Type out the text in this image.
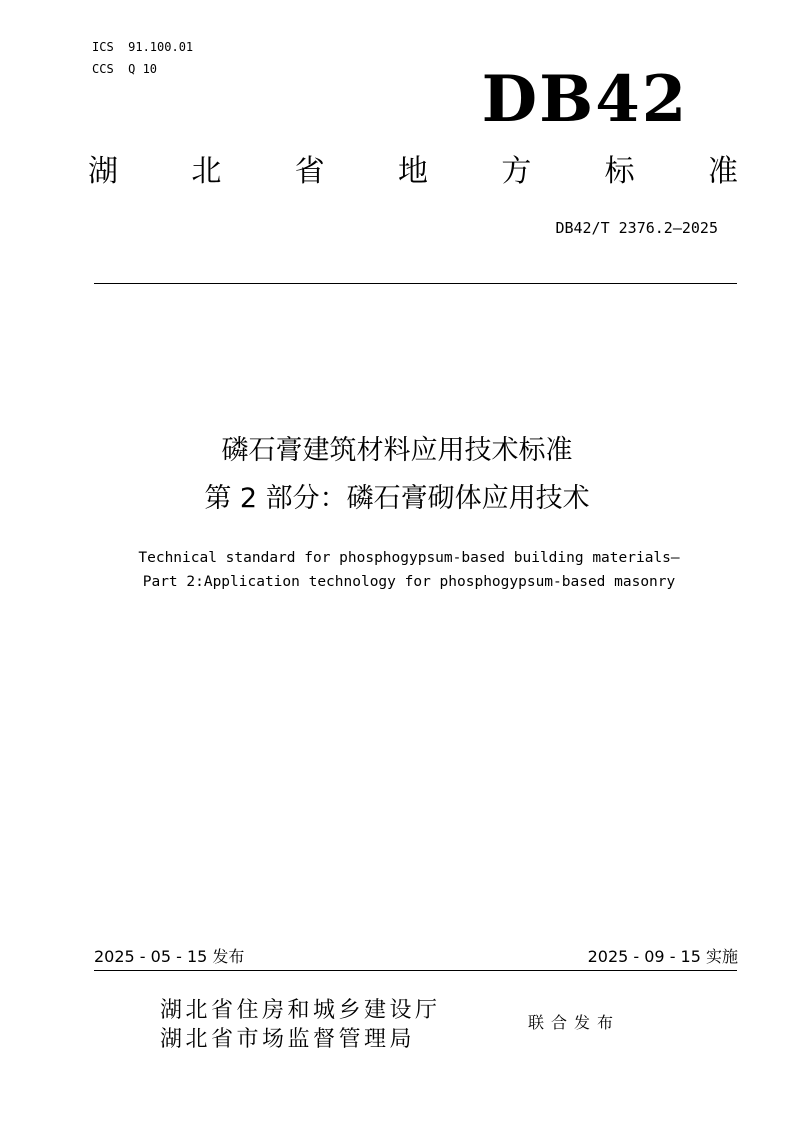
ICS  91.100.01
CCS  Q 10	DB42
湖 北 省 地 方 标 准
DB42/T 2376.2—2025
磷石膏建筑材料应用技术标准
第 2 部分：磷石膏砌体应用技术
Technical standard for phosphogypsum-based building materials—
Part 2:Application technology for phosphogypsum-based masonry
2025 - 05 - 15 发布	2025 - 09 - 15 实施
湖北省住房和城乡建设厅
湖北省市场监督管理局
联合发布
